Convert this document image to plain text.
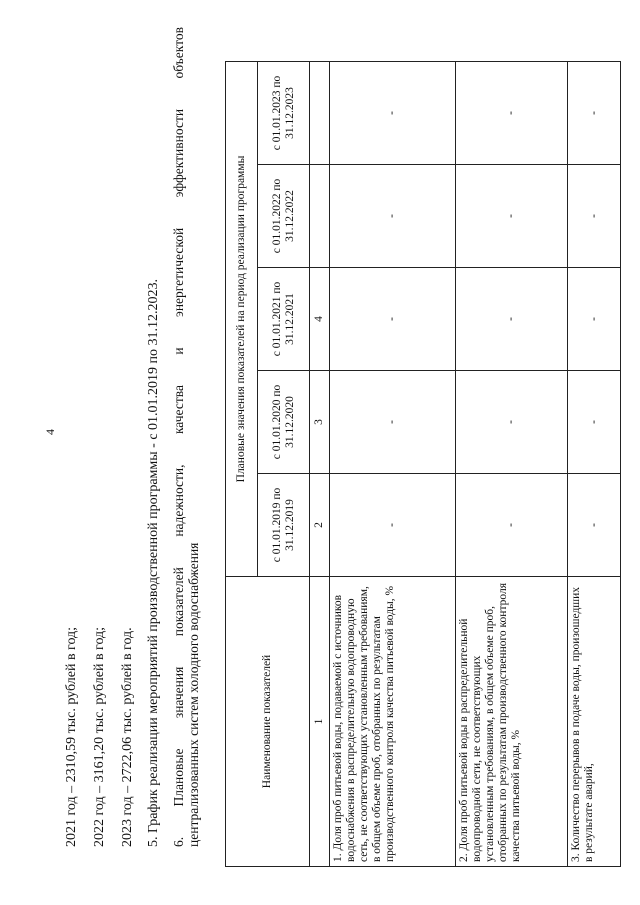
4
2021 год – 2310,59 тыс. рублей в год; 2022 год – 3161,20 тыс. рублей в год; 2023 год – 2722,06 тыс. рублей в год. 5. График реализации мероприятий производственной программы - с 01.01.2019 по 31.12.2023. 6. Плановые значения показателей надежности, качества и энергетической эффективности объектов централизованных систем холодного водоснабжения	Наименование показателей	Плановые значения показателей на период реализации программы				
	с 01.01.2019 по 31.12.2019	с 01.01.2020 по 31.12.2020	с 01.01.2021 по 31.12.2021	с 01.01.2022 по 31.12.2022	с 01.01.2023 по 31.12.2023
1	2	3	4		
1. Доля проб питьевой воды, подаваемой с источников водоснабжения в распределительную водопроводную сеть, не соответствующих установленным требованиям, в общем объеме проб, отобранных по результатам производственного контроля качества питьевой воды, %	-	-	-	-	-
2. Доля проб питьевой воды в распределительной водопроводной сети, не соответствующих установленным требованиям, в общем объеме проб, отобранных по результатам производственного контроля качества питьевой воды, %	-	-	-	-	-
3. Количество перерывов в подаче воды, произошедших в результате аварий,	-	-	-	-	-
